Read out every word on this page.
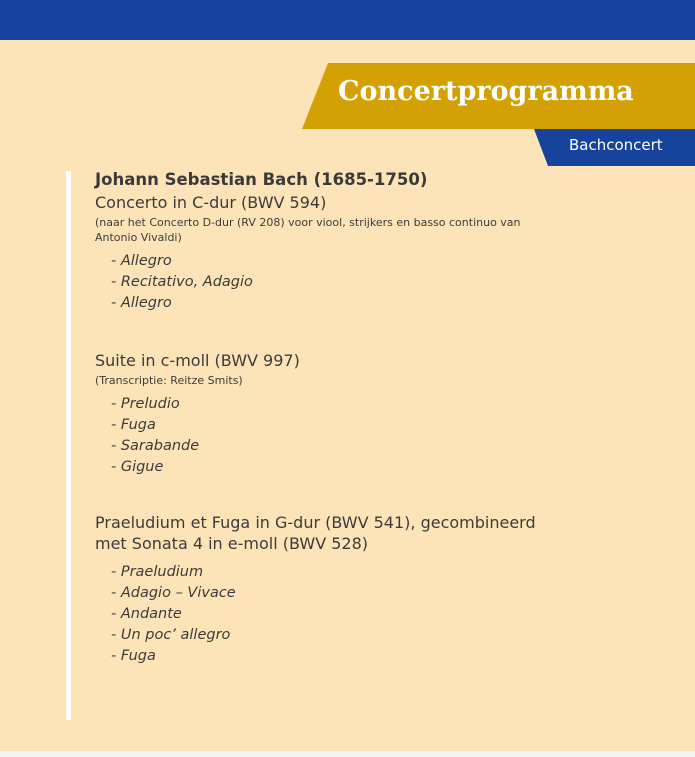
Concertprogramma
Bachconcert
Johann Sebastian Bach (1685-1750)
Concerto in C-dur (BWV 594)
(naar het Concerto D-dur (RV 208) voor viool, strijkers en basso continuo van Antonio Vivaldi)
- Allegro
- Recitativo, Adagio
- Allegro
Suite in c-moll (BWV 997)
(Transcriptie: Reitze Smits)
- Preludio
- Fuga
- Sarabande
- Gigue
Praeludium et Fuga in G-dur (BWV 541), gecombineerd met Sonata 4 in e-moll (BWV 528)
- Praeludium
- Adagio – Vivace
- Andante
- Un poc’ allegro
- Fuga
